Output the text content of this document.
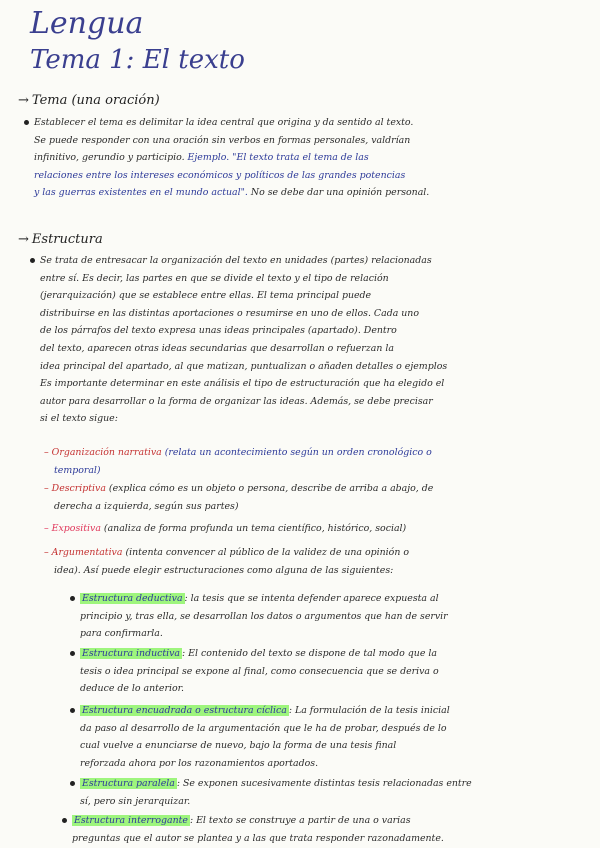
Lengua
Tema 1: El texto
→ Tema (una oración)
Establecer el tema es delimitar la idea central que origina y da sentido al texto.
Se puede responder con una oración sin verbos en formas personales, valdrían
infinitivo, gerundio y participio. Ejemplo. "El texto trata el tema de las
relaciones entre los intereses económicos y políticos de las grandes potencias
y las guerras existentes en el mundo actual". No se debe dar una opinión personal.
→ Estructura
Se trata de entresacar la organización del texto en unidades (partes) relacionadas
entre sí. Es decir, las partes en que se divide el texto y el tipo de relación
(jerarquización) que se establece entre ellas. El tema principal puede
distribuirse en las distintas aportaciones o resumirse en uno de ellos. Cada uno
de los párrafos del texto expresa unas ideas principales (apartado). Dentro
del texto, aparecen otras ideas secundarias que desarrollan o refuerzan la
idea principal del apartado, al que matizan, puntualizan o añaden detalles o ejemplos
Es importante determinar en este análisis el tipo de estructuración que ha elegido el
autor para desarrollar o la forma de organizar las ideas. Además, se debe precisar
si el texto sigue:
– Organización narrativa (relata un acontecimiento según un orden cronológico o
temporal)
– Descriptiva (explica cómo es un objeto o persona, describe de arriba a abajo, de
derecha a izquierda, según sus partes)
– Expositiva (analiza de forma profunda un tema científico, histórico, social)
– Argumentativa (intenta convencer al público de la validez de una opinión o
idea). Así puede elegir estructuraciones como alguna de las siguientes:
Estructura deductiva : la tesis que se intenta defender aparece expuesta al
principio y, tras ella, se desarrollan los datos o argumentos que han de servir
para confirmarla.
Estructura inductiva : El contenido del texto se dispone de tal modo que la
tesis o idea principal se expone al final, como consecuencia que se deriva o
deduce de lo anterior.
Estructura encuadrada o estructura cíclica : La formulación de la tesis inicial
da paso al desarrollo de la argumentación que le ha de probar, después de lo
cual vuelve a enunciarse de nuevo, bajo la forma de una tesis final
reforzada ahora por los razonamientos aportados.
Estructura paralela : Se exponen sucesivamente distintas tesis relacionadas entre
sí, pero sin jerarquizar.
Estructura interrogante : El texto se construye a partir de una o varias
preguntas que el autor se plantea y a las que trata responder razonadamente.
